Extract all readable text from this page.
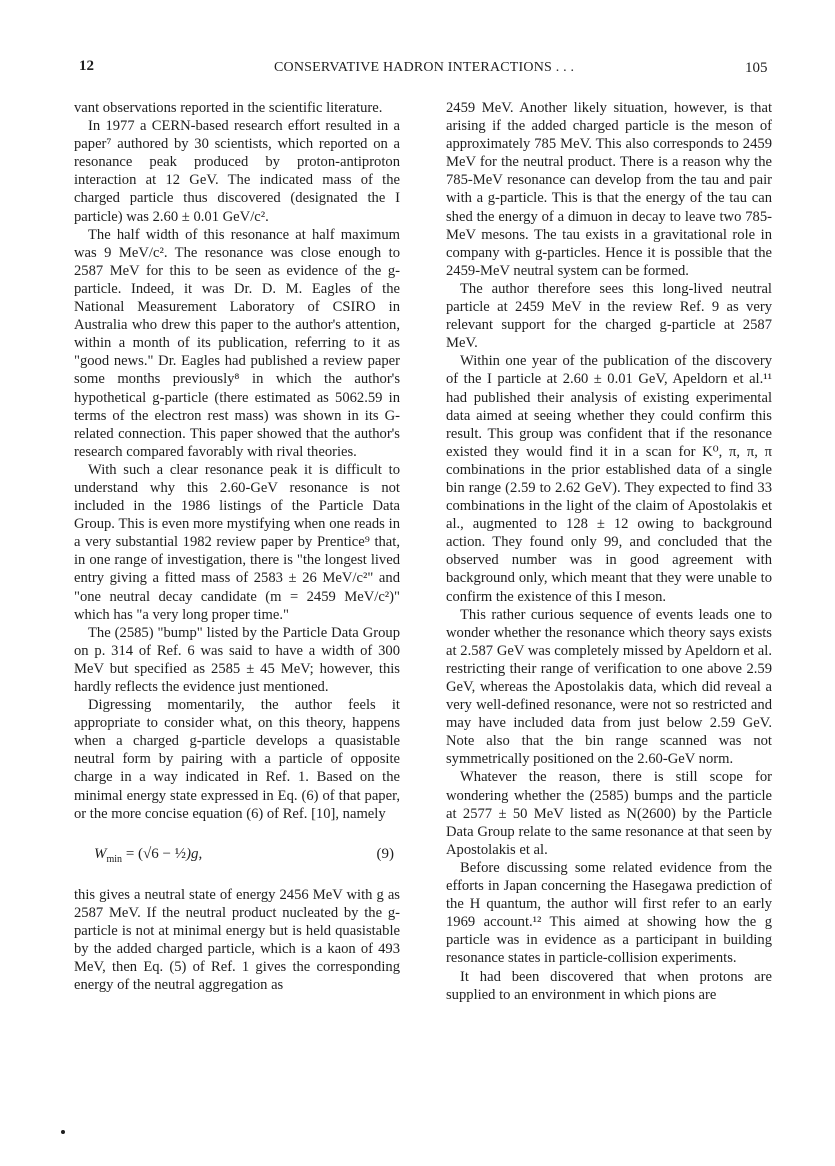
12	CONSERVATIVE HADRON INTERACTIONS . . .	105

vant observations reported in the scientific literature.

In 1977 a CERN-based research effort resulted in a paper⁷ authored by 30 scientists, which reported on a resonance peak produced by proton-antiproton interaction at 12 GeV. The indicated mass of the charged particle thus discovered (designated the I particle) was 2.60 ± 0.01 GeV/c².

The half width of this resonance at half maximum was 9 MeV/c². The resonance was close enough to 2587 MeV for this to be seen as evidence of the g-particle. Indeed, it was Dr. D. M. Eagles of the National Measurement Laboratory of CSIRO in Australia who drew this paper to the author's attention, within a month of its publication, referring to it as "good news." Dr. Eagles had published a review paper some months previously⁸ in which the author's hypothetical g-particle (there estimated as 5062.59 in terms of the electron rest mass) was shown in its G-related connection. This paper showed that the author's research compared favorably with rival theories.

With such a clear resonance peak it is difficult to understand why this 2.60-GeV resonance is not included in the 1986 listings of the Particle Data Group. This is even more mystifying when one reads in a very substantial 1982 review paper by Prentice⁹ that, in one range of investigation, there is "the longest lived entry giving a fitted mass of 2583 ± 26 MeV/c²" and "one neutral decay candidate (m = 2459 MeV/c²)" which has "a very long proper time."

The (2585) "bump" listed by the Particle Data Group on p. 314 of Ref. 6 was said to have a width of 300 MeV but specified as 2585 ± 45 MeV; however, this hardly reflects the evidence just mentioned.

Digressing momentarily, the author feels it appropriate to consider what, on this theory, happens when a charged g-particle develops a quasistable neutral form by pairing with a particle of opposite charge in a way indicated in Ref. 1. Based on the minimal energy state expressed in Eq. (6) of that paper, or the more concise equation (6) of Ref. [10], namely

$W_{min} = (√6$ − ½)g,	(9)

this gives a neutral state of energy 2456 MeV with g as 2587 MeV. If the neutral product nucleated by the g-particle is not at minimal energy but is held quasistable by the added charged particle, which is a kaon of 493 MeV, then Eq. (5) of Ref. 1 gives the corresponding energy of the neutral aggregation as

2459 MeV. Another likely situation, however, is that arising if the added charged particle is the meson of approximately 785 MeV. This also corresponds to 2459 MeV for the neutral product. There is a reason why the 785-MeV resonance can develop from the tau and pair with a g-particle. This is that the energy of the tau can shed the energy of a dimuon in decay to leave two 785-MeV mesons. The tau exists in a gravitational role in company with g-particles. Hence it is possible that the 2459-MeV neutral system can be formed.

The author therefore sees this long-lived neutral particle at 2459 MeV in the review Ref. 9 as very relevant support for the charged g-particle at 2587 MeV.

Within one year of the publication of the discovery of the I particle at 2.60 ± 0.01 GeV, Apeldorn et al.¹¹ had published their analysis of existing experimental data aimed at seeing whether they could confirm this result. This group was confident that if the resonance existed they would find it in a scan for K⁰, π, π, π combinations in the prior established data of a single bin range (2.59 to 2.62 GeV). They expected to find 33 combinations in the light of the claim of Apostolakis et al., augmented to 128 ± 12 owing to background action. They found only 99, and concluded that the observed number was in good agreement with background only, which meant that they were unable to confirm the existence of this I meson.

This rather curious sequence of events leads one to wonder whether the resonance which theory says exists at 2.587 GeV was completely missed by Apeldorn et al. restricting their range of verification to one above 2.59 GeV, whereas the Apostolakis data, which did reveal a very well-defined resonance, were not so restricted and may have included data from just below 2.59 GeV. Note also that the bin range scanned was not symmetrically positioned on the 2.60-GeV norm.

Whatever the reason, there is still scope for wondering whether the (2585) bumps and the particle at 2577 ± 50 MeV listed as N(2600) by the Particle Data Group relate to the same resonance at that seen by Apostolakis et al.

Before discussing some related evidence from the efforts in Japan concerning the Hasegawa prediction of the H quantum, the author will first refer to an early 1969 account.¹² This aimed at showing how the g particle was in evidence as a participant in building resonance states in particle-collision experiments.

It had been discovered that when protons are supplied to an environment in which pions are
